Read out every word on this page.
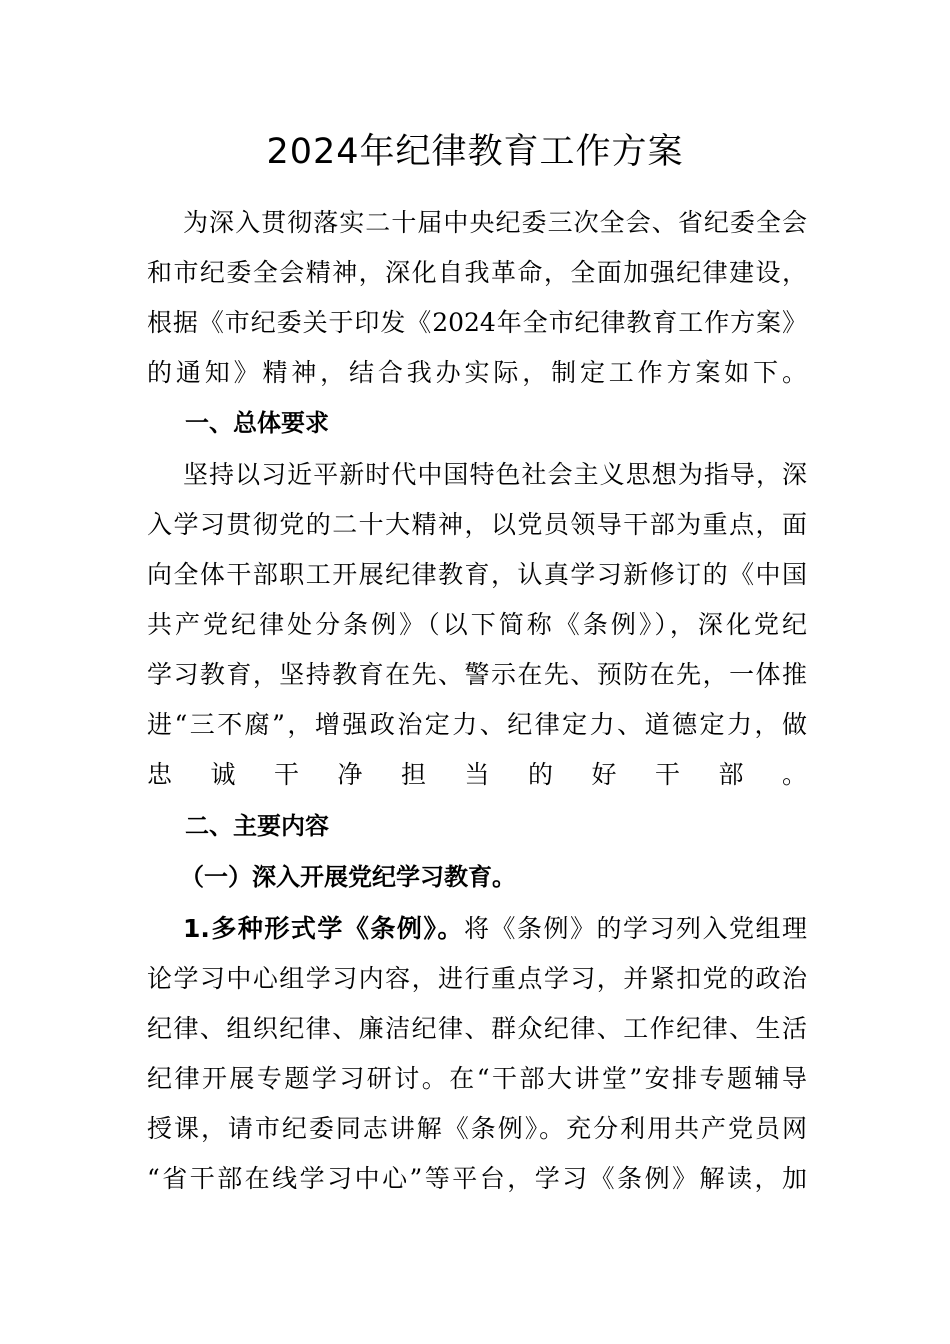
2024年纪律教育工作方案
为深入贯彻落实二十届中央纪委三次全会、省纪委全会
和市纪委全会精神，深化自我革命，全面加强纪律建设，
根据《市纪委关于印发《2024年全市纪律教育工作方案》
的通知》精神，结合我办实际，制定工作方案如下。
一、总体要求
坚持以习近平新时代中国特色社会主义思想为指导，深
入学习贯彻党的二十大精神，以党员领导干部为重点，面
向全体干部职工开展纪律教育，认真学习新修订的《中国
共产党纪律处分条例》（以下简称《条例》），深化党纪
学习教育，坚持教育在先、警示在先、预防在先，一体推
进“三不腐”，增强政治定力、纪律定力、道德定力，做
忠诚干净担当的好干部。
二、主要内容
（一）深入开展党纪学习教育。
1.多种形式学《条例》。将《条例》的学习列入党组理
论学习中心组学习内容，进行重点学习，并紧扣党的政治
纪律、组织纪律、廉洁纪律、群众纪律、工作纪律、生活
纪律开展专题学习研讨。在“干部大讲堂”安排专题辅导
授课，请市纪委同志讲解《条例》。充分利用共产党员网
“省干部在线学习中心”等平台，学习《条例》解读，加
